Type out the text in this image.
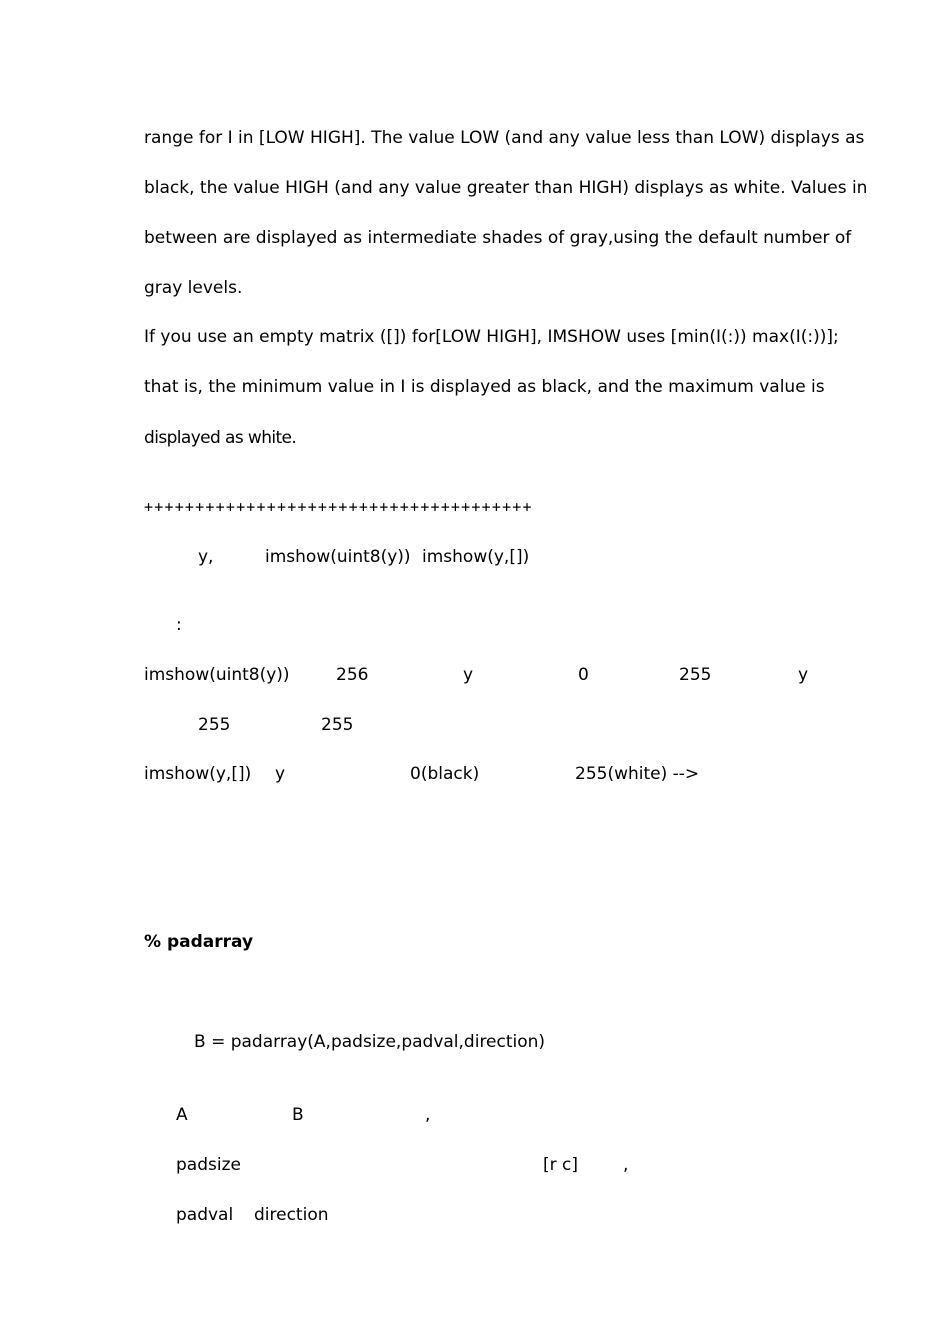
range for I in [LOW HIGH]. The value LOW (and any value less than LOW) displays as
black, the value HIGH (and any value greater than HIGH) displays as white. Values in
between are displayed as intermediate shades of gray,using the default number of
gray levels.
If you use an empty matrix ([]) for[LOW HIGH], IMSHOW uses [min(I(:)) max(I(:))];
that is, the minimum value in I is displayed as black, and the maximum value is
displayed as white.
++++++++++++++++++++++++++++++++++++++
y,	imshow(uint8(y)) imshow(y,[])
:
imshow(uint8(y))	256	y	0	255	y
255	255
imshow(y,[]) y	0(black)	255(white) -->
% padarray
B = padarray(A,padsize,padval,direction)
A	B	,
padsize	[r c]	,
padval direction
